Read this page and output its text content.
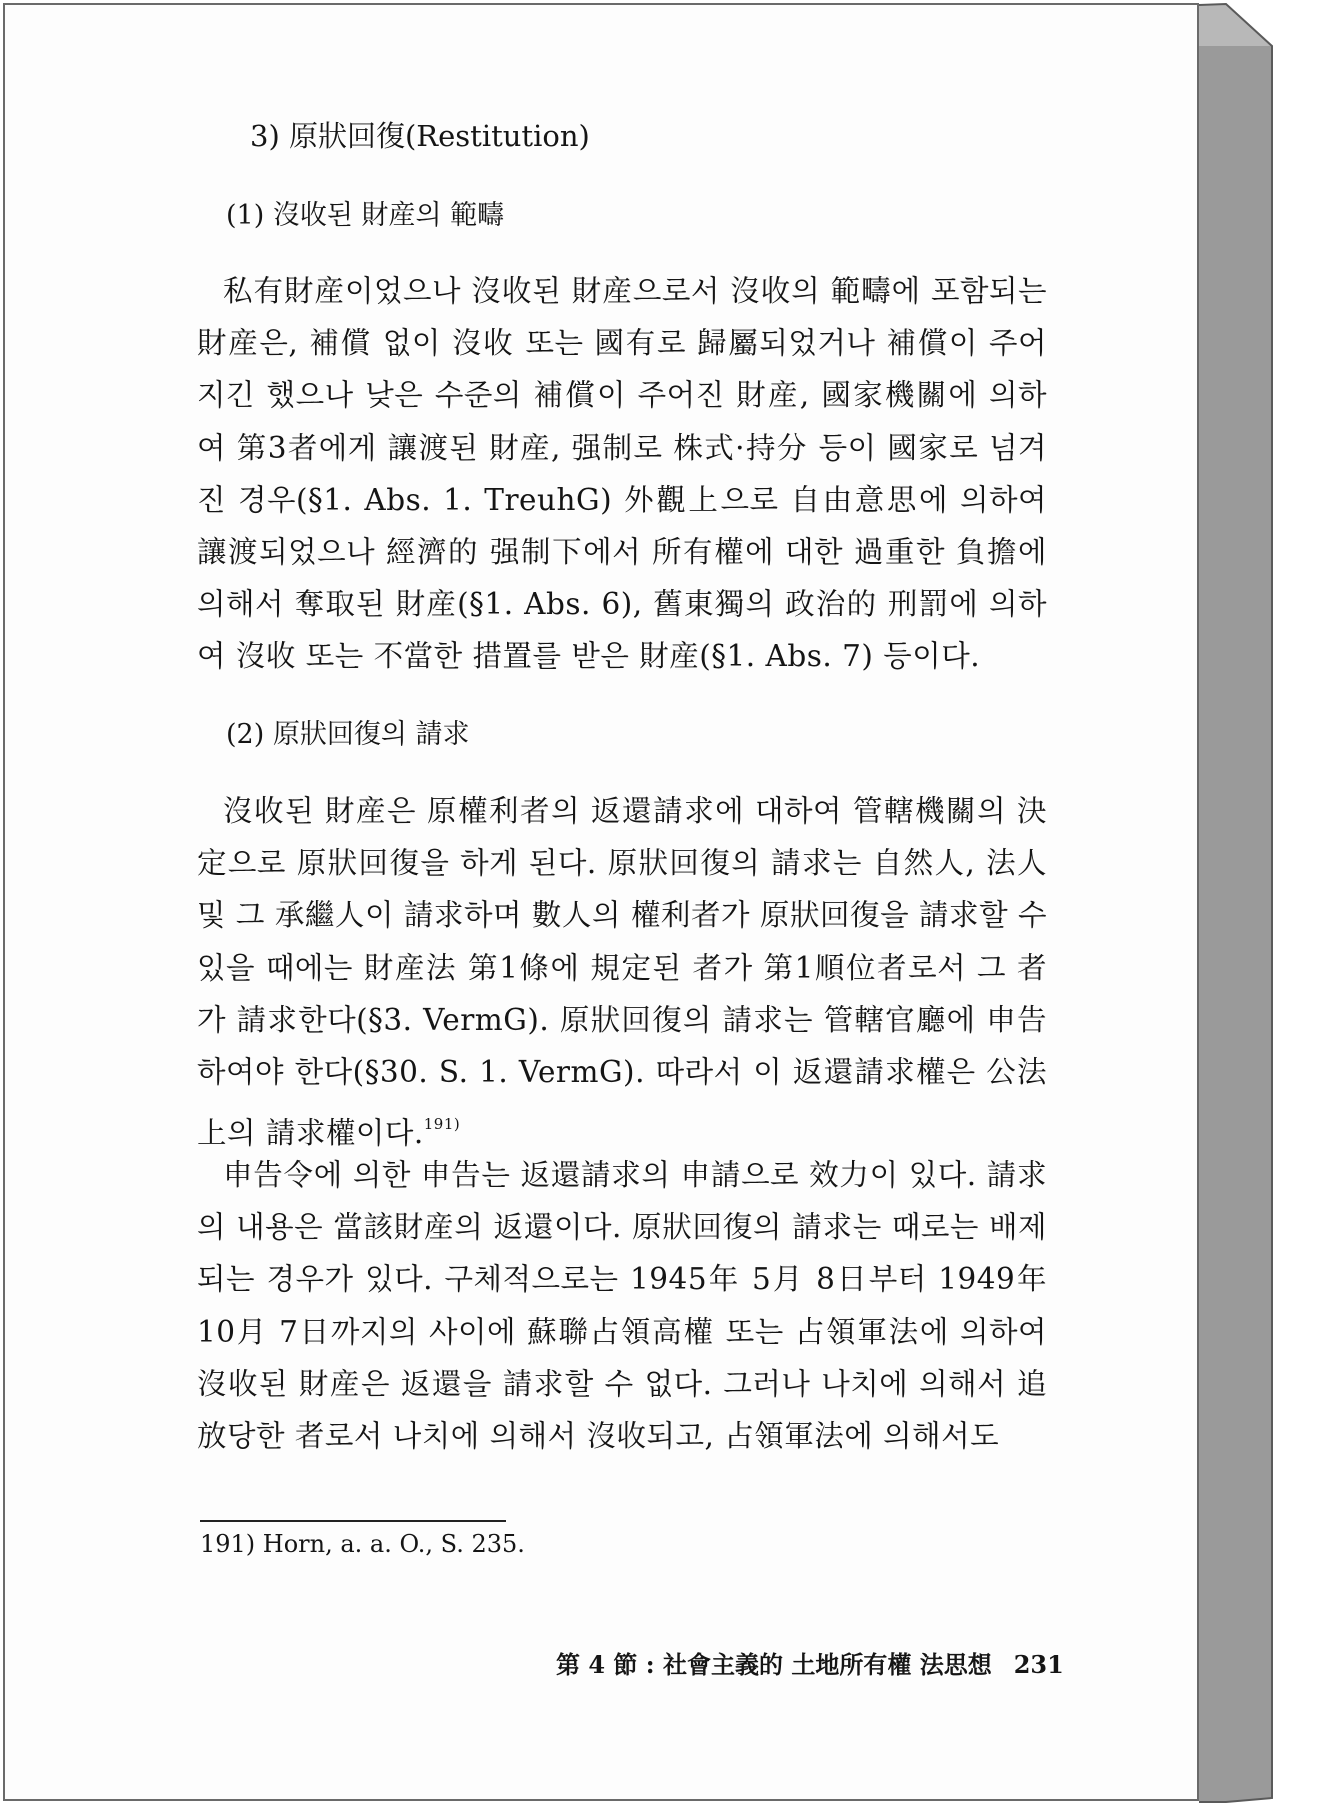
3) 原狀回復(Restitution)
(1) 沒收된 財産의 範疇
私有財産이었으나 沒收된 財産으로서 沒收의 範疇에 포함되는 財産은, 補償 없이 沒收 또는 國有로 歸屬되었거나 補償이 주어지긴 했으나 낮은 수준의 補償이 주어진 財産, 國家機關에 의하여 第3者에게 讓渡된 財産, 强制로 株式·持分 등이 國家로 넘겨진 경우(§1. Abs. 1. TreuhG) 外觀上으로 自由意思에 의하여 讓渡되었으나 經濟的 强制下에서 所有權에 대한 過重한 負擔에 의해서 奪取된 財産(§1. Abs. 6), 舊東獨의 政治的 刑罰에 의하여 沒收 또는 不當한 措置를 받은 財産(§1. Abs. 7) 등이다.
(2) 原狀回復의 請求
沒收된 財産은 原權利者의 返還請求에 대하여 管轄機關의 決定으로 原狀回復을 하게 된다. 原狀回復의 請求는 自然人, 法人 및 그 承繼人이 請求하며 數人의 權利者가 原狀回復을 請求할 수 있을 때에는 財産法 第1條에 規定된 者가 第1順位者로서 그 者가 請求한다(§3. VermG). 原狀回復의 請求는 管轄官廳에 申告하여야 한다(§30. S. 1. VermG). 따라서 이 返還請求權은 公法上의 請求權이다.$^{191)}$
申告令에 의한 申告는 返還請求의 申請으로 效力이 있다. 請求의 내용은 當該財産의 返還이다. 原狀回復의 請求는 때로는 배제되는 경우가 있다. 구체적으로는 1945年 5月 8日부터 1949年 10月 7日까지의 사이에 蘇聯占領高權 또는 占領軍法에 의하여 沒收된 財産은 返還을 請求할 수 없다. 그러나 나치에 의해서 追放당한 者로서 나치에 의해서 沒收되고, 占領軍法에 의해서도
191) Horn, a. a. O., S. 235.
第 4 節 : 社會主義的 土地所有權 法思想 231
